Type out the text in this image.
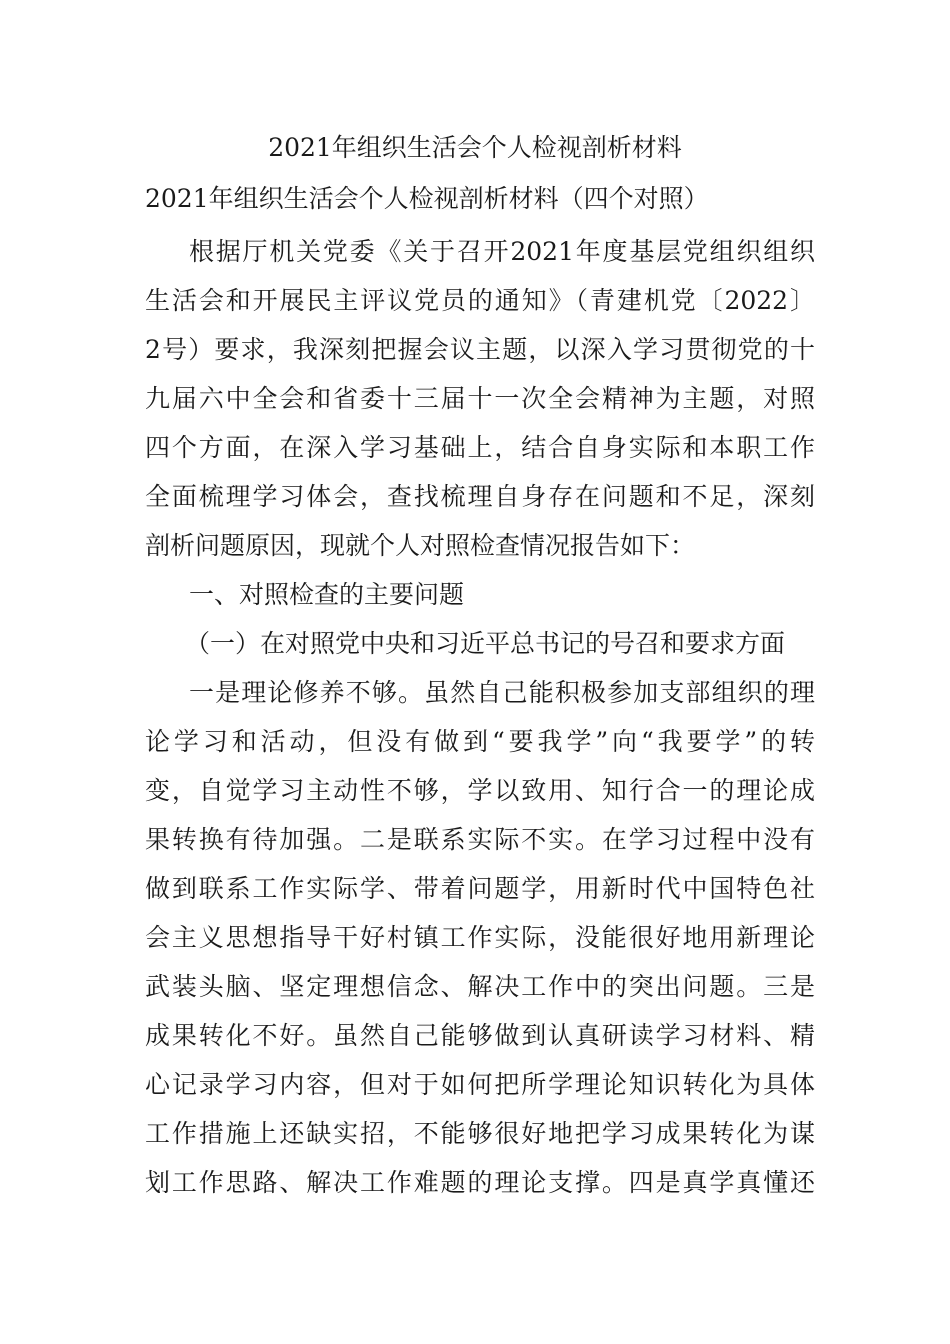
2021年组织生活会个人检视剖析材料
2021年组织生活会个人检视剖析材料（四个对照）
根据厅机关党委《关于召开2021年度基层党组织组织
生活会和开展民主评议党员的通知》（青建机党〔2022〕
2号）要求，我深刻把握会议主题，以深入学习贯彻党的十
九届六中全会和省委十三届十一次全会精神为主题，对照
四个方面，在深入学习基础上，结合自身实际和本职工作
全面梳理学习体会，查找梳理自身存在问题和不足，深刻
剖析问题原因，现就个人对照检查情况报告如下：
一、对照检查的主要问题
（一）在对照党中央和习近平总书记的号召和要求方面
一是理论修养不够。虽然自己能积极参加支部组织的理
论学习和活动，但没有做到“要我学”向“我要学”的转
变，自觉学习主动性不够，学以致用、知行合一的理论成
果转换有待加强。二是联系实际不实。在学习过程中没有
做到联系工作实际学、带着问题学，用新时代中国特色社
会主义思想指导干好村镇工作实际，没能很好地用新理论
武装头脑、坚定理想信念、解决工作中的突出问题。三是
成果转化不好。虽然自己能够做到认真研读学习材料、精
心记录学习内容，但对于如何把所学理论知识转化为具体
工作措施上还缺实招，不能够很好地把学习成果转化为谋
划工作思路、解决工作难题的理论支撑。四是真学真懂还
